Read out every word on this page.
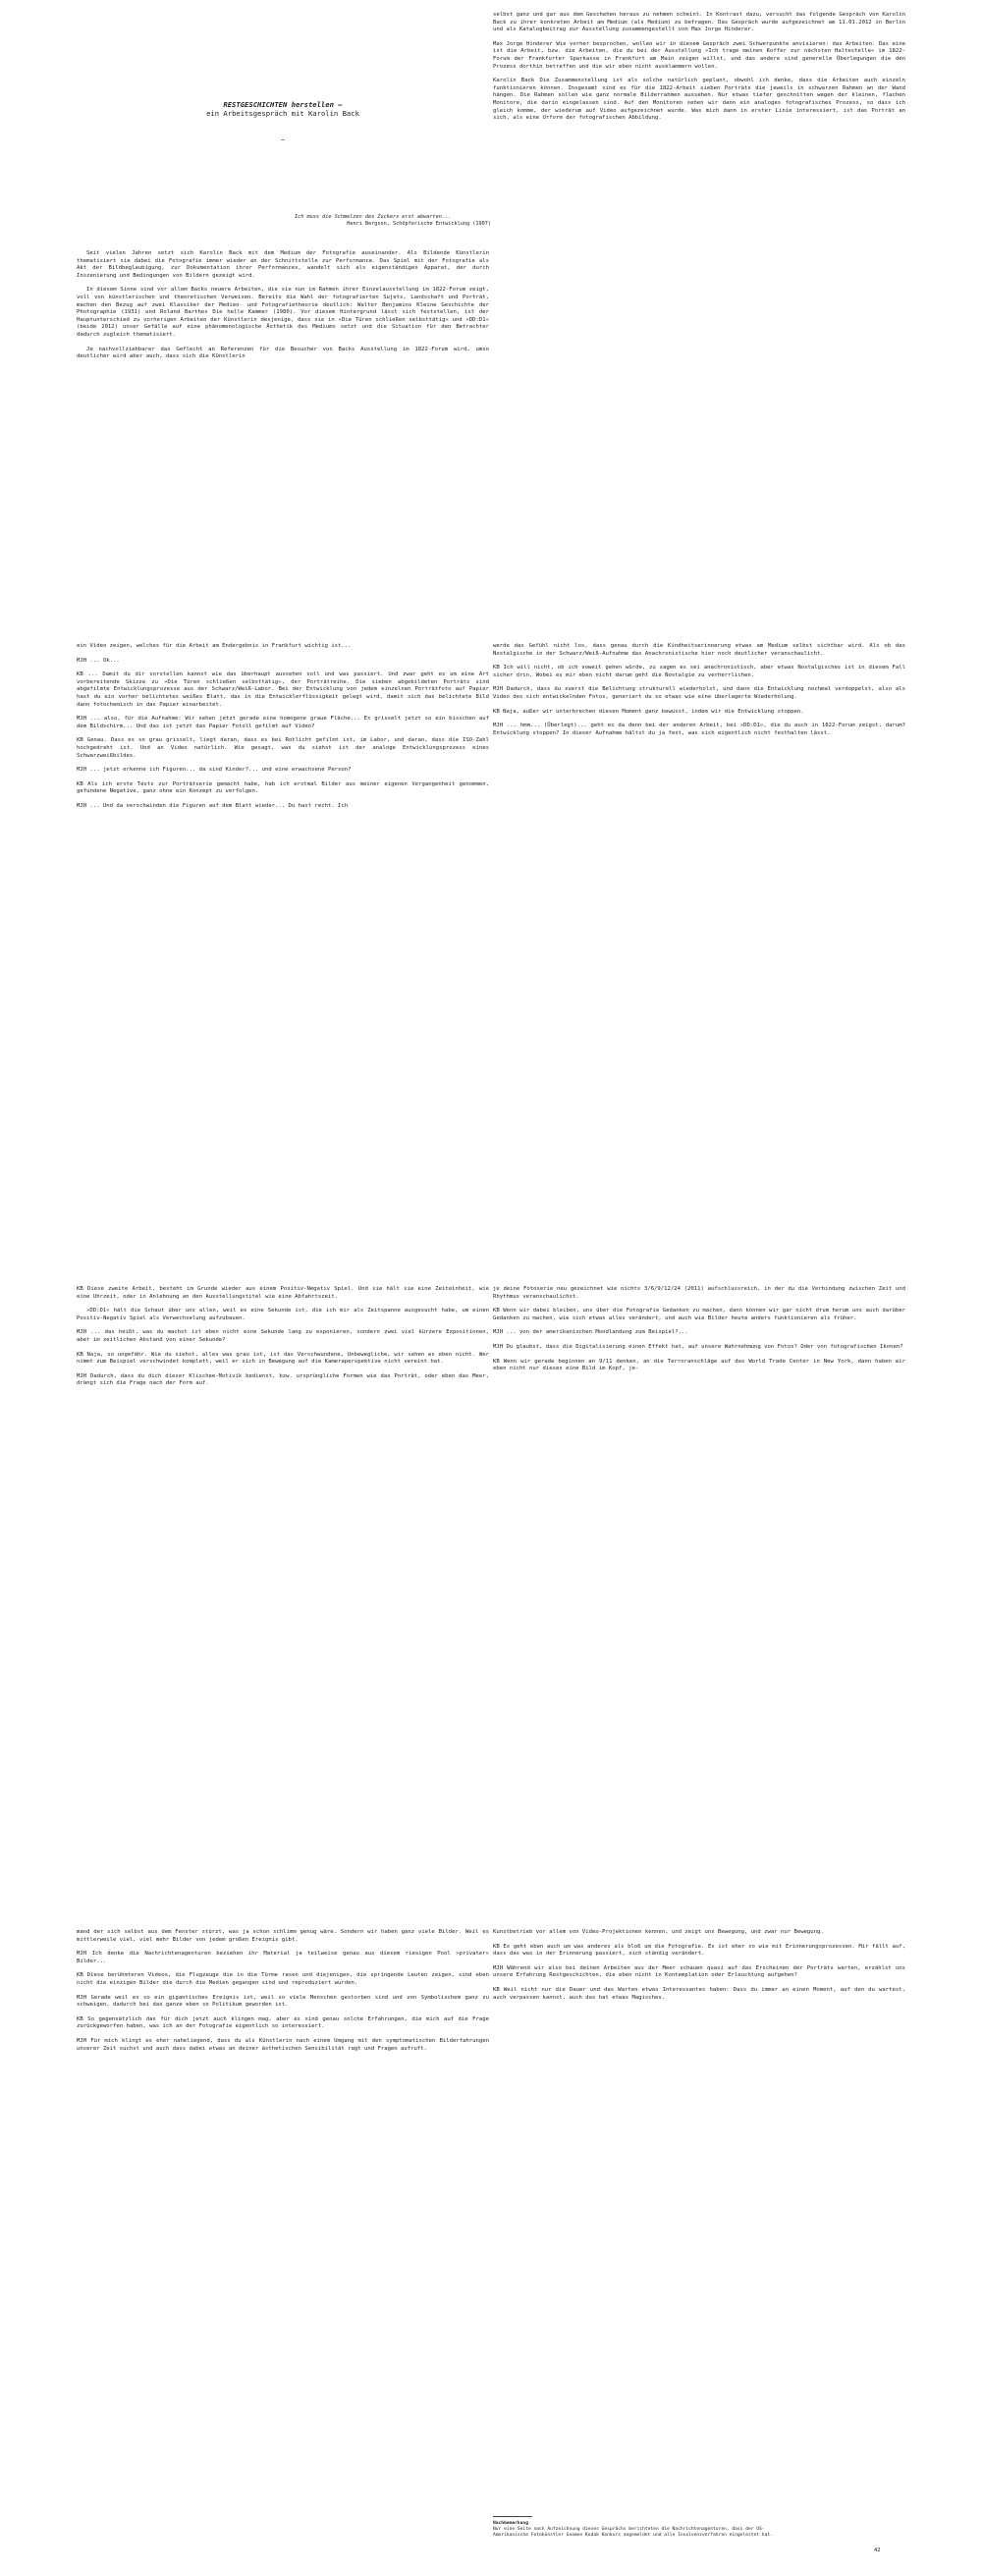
RESTGESCHICHTEN herstellen –
ein Arbeitsgespräch mit Karolin Back
–
Ich muss die Schmelzen des Zuckers erst abwarten...
Henri Bergson, Schöpferische Entwicklung (1907)

Seit vielen Jahren setzt sich Karolin Back mit dem Medium der Fotografie auseinander. Als Bildende Künstlerin thematisiert sie dabei die Fotografie immer wieder an der Schnittstelle zur Performance. Das Spiel mit der Fotografie als Akt der Bildbeglaubigung, zur Dokumentation ihrer Performances, wandelt sich als eigenständiges Apparat, der durch Inszenierung und Bedingungen von Bildern gezeigt wird.

In diesem Sinne sind vor allem Backs neuere Arbeiten, die sie nun im Rahmen ihrer Einzelausstellung im 1822-Forum zeigt, voll von künstlerischen und theoretischen Verweisen. Bereits die Wahl der fotografierten Sujets, Landschaft und Porträt, machen den Bezug auf zwei Klassiker der Medien- und Fotografietheorie deutlich: Walter Benjamins Kleine Geschichte der Photographie (1931) und Roland Barthes Die helle Kammer (1980). Vor diesem Hintergrund lässt sich feststellen, ist der Hauptunterschied zu vorherigen Arbeiten der Künstlerin desjenige, dass sie in »Die Türen schließen selbsttätig« und »DD:D1« (beide 2012) unser Gefälle auf eine phänomenologische Ästhetik des Mediums setzt und die Situation für den Betrachter dadurch zugleich thematisiert.

Je nachvollziehbarer das Geflecht an Referenzen für die Besucher von Backs Ausstellung im 1822-Forum wird, umso deutlicher wird aber auch, dass sich die Künstlerin

selbst ganz und gar aus dem Geschehen heraus zu nehmen scheint. In Kontrast dazu, versucht das folgende Gespräch von Karolin Back zu ihrer konkreten Arbeit am Medium (als Medium) zu befragen. Das Gespräch wurde aufgezeichnet am 11.01.2012 in Berlin und als Katalogbeitrag zur Ausstellung zusammengestellt von Max Jorge Hinderer.

Max Jorge Hinderer Wie vorher besprochen, wollen wir in diesem Gespräch zwei Schwerpunkte anvisieren: das Arbeiten. Das eine ist die Arbeit, bzw. die Arbeiten, die du bei der Ausstellung »Ich trage meinen Koffer zur nächsten Haltestelle« im 1822-Forum der Frankfurter Sparkasse in Frankfurt am Main zeigen willst, und das andere sind generelle Überlegungen die den Prozess dorthin betreffen und die wir eben nicht ausklammern wollen.

Karolin Back Die Zusammenstellung ist als solche natürlich geplant, obwohl ich denke, dass die Arbeiten auch einzeln funktionieren können. Insgesamt sind es für die 1822-Arbeit sieben Porträts die jeweils in schwarzen Rahmen an der Wand hängen. Die Rahmen sollen wie ganz normale Bilderrahmen aussehen. Nur etwas tiefer geschnitten wegen der kleinen, flachen Monitore, die darin eingelassen sind. Auf den Monitoren sehen wir dann ein analoges fotografisches Prozess, so dass ich gleich komme, der wiederum auf Video aufgezeichnet wurde. Was mich dann in erster Linie interessiert, ist das Porträt an sich, als eine Urform der fotografischen Abbildung.

ein Video zeigen, welches für die Arbeit am Endergebnis in Frankfurt wichtig ist...

MJH ... Ok...

KB ... Damit du dir vorstellen kannst wie das überhaupt aussehen soll und was passiert. Und zwar geht es um eine Art vorbereitende Skizze zu »Die Türen schließen selbsttätig«, der Porträtreihe. Die sieben abgebildeten Porträts sind abgefilmte Entwicklungsprozesse aus der Schwarz/Weiß-Labor. Bei der Entwicklung von jedem einzelnen Porträtfoto auf Papier hast du ein vorher belichtetes weißes Blatt, das in die Entwicklerflüssigkeit gelegt wird, damit sich das belichtete Bild dann fotochemisch in das Papier einarbeitet.

MJH ... also, für die Aufnahme: Wir sehen jetzt gerade eine homogene graue Fläche... Es grisselt jetzt so ein bisschen auf dem Bildschirm... Und das ist jetzt das Papier Fotoll gefilmt auf Video?

KB Genau. Dass es so grau grisselt, liegt daran, dass es bei Rotlicht gefilmt ist, im Labor, und daran, dass die ISO-Zahl hochgedreht ist. Und an Video natürlich. Wie gesagt, was du siehst ist der analoge Entwicklungsprozess eines Schwarzweißbildes.

MJH ... jetzt erkenne ich Figuren... da sind Kinder?... und eine erwachsene Person?

KB Als ich erste Tests zur Porträtserie gemacht habe, hab ich erstmal Bilder aus meiner eigenen Vergangenheit genommen, gefundene Negative, ganz ohne ein Konzept zu verfolgen.

MJH ... Und da verschwinden die Figuren auf dem Blatt wieder... Du hast recht. Ich

werde das Gefühl nicht los, dass genau durch die Kindheitserinnerung etwas am Medium selbst sichtbar wird. Als ob das Nostalgische in der Schwarz/Weiß-Aufnahme das Anachronistische hier noch deutlicher veranschaulicht.

KB Ich will nicht, ob ich soweit gehen würde, zu sagen es sei anachronistisch, aber etwas Nostalgisches ist in diesem Fall sicher drin. Wobei es mir eben nicht darum geht die Nostalgie zu verherrlichen.

MJH Dadurch, dass du zuerst die Belichtung strukturell wiederholst, und dann die Entwicklung nochmal verdoppelst, also als Video des sich entwickelnden Fotos, generiert du so etwas wie eine überlagerte Wiederholung.

KB Naja, außer wir unterbrechen diesen Moment ganz bewusst, indem wir die Entwicklung stoppen.

MJH ... hmm... (Überlegt)... geht es da denn bei der anderen Arbeit, bei »DD:D1«, die du auch in 1822-Forum zeigst, darum? Entwicklung stoppen? In dieser Aufnahme hältst du ja fest, was sich eigentlich nicht festhalten lässt.

KB Diese zweite Arbeit, besteht im Grunde wieder aus einem Positiv-Negativ Spiel. Und sie hält sie eine Zeiteinheit, wie eine Uhrzeit, oder in Anlehnung an den Ausstellungstitel wie eine Abfahrtszeit.

»DD:D1« hält die Schaut über uns allen, weil es eine Sekunde ist, die ich mir als Zeitspanne ausgesucht habe, um einen Positiv-Negativ Spiel als Verwechselung aufzubauen.

MJH ... das heißt, was du machst ist eben nicht eine Sekunde lang zu exponieren, sondern zwei viel kürzere Expositionen, aber im zeitlichen Abstand von einer Sekunde?

KB Naja, so ungefähr. Wie du siehst, alles was grau ist, ist das Verschwundene, Unbewegliche, wir sehen es eben nicht. Wer nimmt zum Beispiel verschwindet komplett, weil er sich in Bewegung auf die Kameraperspektive nicht vereint hat.

MJH Dadurch, dass du dich dieser Klischee-Motivik bedienst, bzw. ursprüngliche Formen wie das Porträt, oder eben das Meer, drängt sich die Frage nach der Form auf.

je deine Fotoserie neu gezeichnet wie nichts 3/6/9/12/24 (2011) aufschlussreich, in der du die Verbindung zwischen Zeit und Rhythmus veranschaulichst.

KB Wenn wir dabei bleiben, uns über die Fotografie Gedanken zu machen, dann können wir gar nicht drum herum uns auch darüber Gedanken zu machen, wie sich etwas alles verändert, und auch wie Bilder heute anders funktionieren als früher.

MJH ... von der amerikanischen Mondlandung zum Beispiel?...

MJH Du glaubst, dass die Digitalisierung einen Effekt hat, auf unsere Wahrnehmung von Fotos? Oder von fotografischen Ikonen?

KB Wenn wir gerade beginnen an 9/11 denken, an die Terroranschläge auf das World Trade Center in New York, dann haben wir eben nicht nur dieses eine Bild im Kopf, je-

mand der sich selbst aus dem Fenster stürzt, was ja schon schlimm genug wäre. Sondern wir haben ganz viele Bilder. Weil es mittlerweile viel, viel mehr Bilder von jedem großen Ereignis gibt.

MJH Ich denke die Nachrichtenagenturen beziehen ihr Material ja teilweise genau aus diesem riesigen Pool »privater« Bilder...

KB Diese berühmteren Videos, die Flugzeuge die in die Türme rasen und diejenigen, die springende Leuten zeigen, sind eben nicht die einzigen Bilder die durch die Medien gegangen sind und reproduziert wurden.

MJH Gerade weil es so ein gigantisches Ereignis ist, weil so viele Menschen gestorben sind und von Symbolischem ganz zu schweigen, dadurch bei das ganze eben so Politikum geworden ist.

KB So gegensätzlich das für dich jetzt auch klingen mag, aber es sind genau solche Erfahrungen, die mich auf die Frage zurückgeworfen haben, was ich an der Fotografie eigentlich so interessiert.

MJH Für mich klingt es eher naheliegend, dass du als Künstlerin nach einem Umgang mit den symptomatischen Bilderfahrungen unserer Zeit suchst und auch dass dabei etwas an deiner ästhetischen Sensibilität ragt und Fragen aufruft.

Kunstbetrieb vor allem von Video-Projektionen kennen, und zeigt uns Bewegung, und zwar nur Bewegung.

KB Es geht eben auch um was anderes als bloß um die Fotografie. Es ist eher so wie mit Erinnerungsprozessen. Mir fällt auf, dass das was in der Erinnerung passiert, sich ständig verändert.

MJH Während wir also bei deinen Arbeiten aus der Meer schauen quasi auf das Erscheinen der Porträts warten, erzählst uns unsere Erfahrung Restgeschichten, die eben nicht in Kontemplation oder Erleuchtung aufgehen?

KB Weil nicht nur die Dauer und das Warten etwas Interessantes haben: Dass du immer an einen Moment, auf den du wartest, auch verpassen kannst, auch das hat etwas Magisches.

Nachbemerkung
Nur eine Seite nach Aufzeichnung dieses Gesprächs berichteten die Nachrichtenagenturen, dass der US-Amerikanische Fotokünstler Seamen Kodak Konkurs angemeldet und alle Insolvenzverfahren eingeleitet hat.
42
